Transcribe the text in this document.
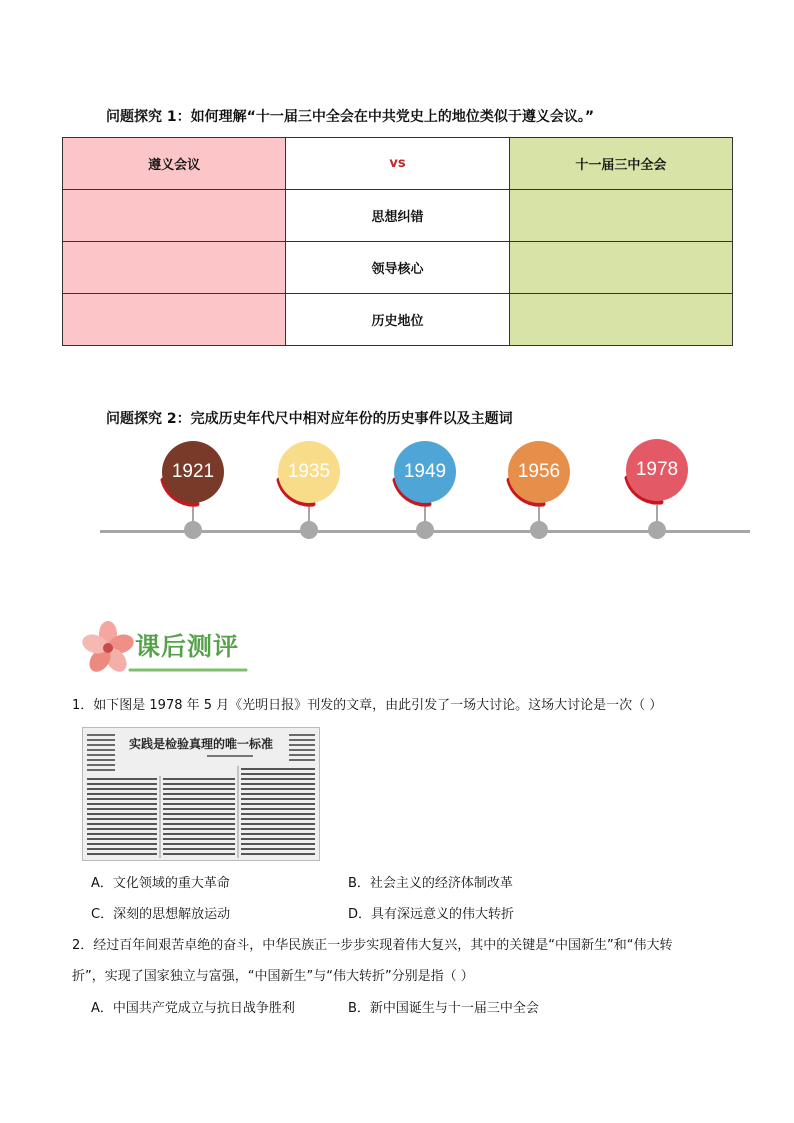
问题探究 1：如何理解“十一届三中全会在中共党史上的地位类似于遵义会议。”
遵义会议	vs	十一届三中全会
	思想纠错	
	领导核心	
	历史地位	
问题探究 2：完成历史年代尺中相对应年份的历史事件以及主题词
1921	1935	1949	1956	1978
课后测评
1．如下图是 1978 年 5 月《光明日报》刊发的文章，由此引发了一场大讨论。这场大讨论是一次（ ）
实践是检验真理的唯一标准
A．文化领域的重大革命	B．社会主义的经济体制改革
C．深刻的思想解放运动	D．具有深远意义的伟大转折
2．经过百年间艰苦卓绝的奋斗，中华民族正一步步实现着伟大复兴，其中的关键是“中国新生”和“伟大转
折”，实现了国家独立与富强，“中国新生”与“伟大转折”分别是指（ ）
A．中国共产党成立与抗日战争胜利	B．新中国诞生与十一届三中全会
